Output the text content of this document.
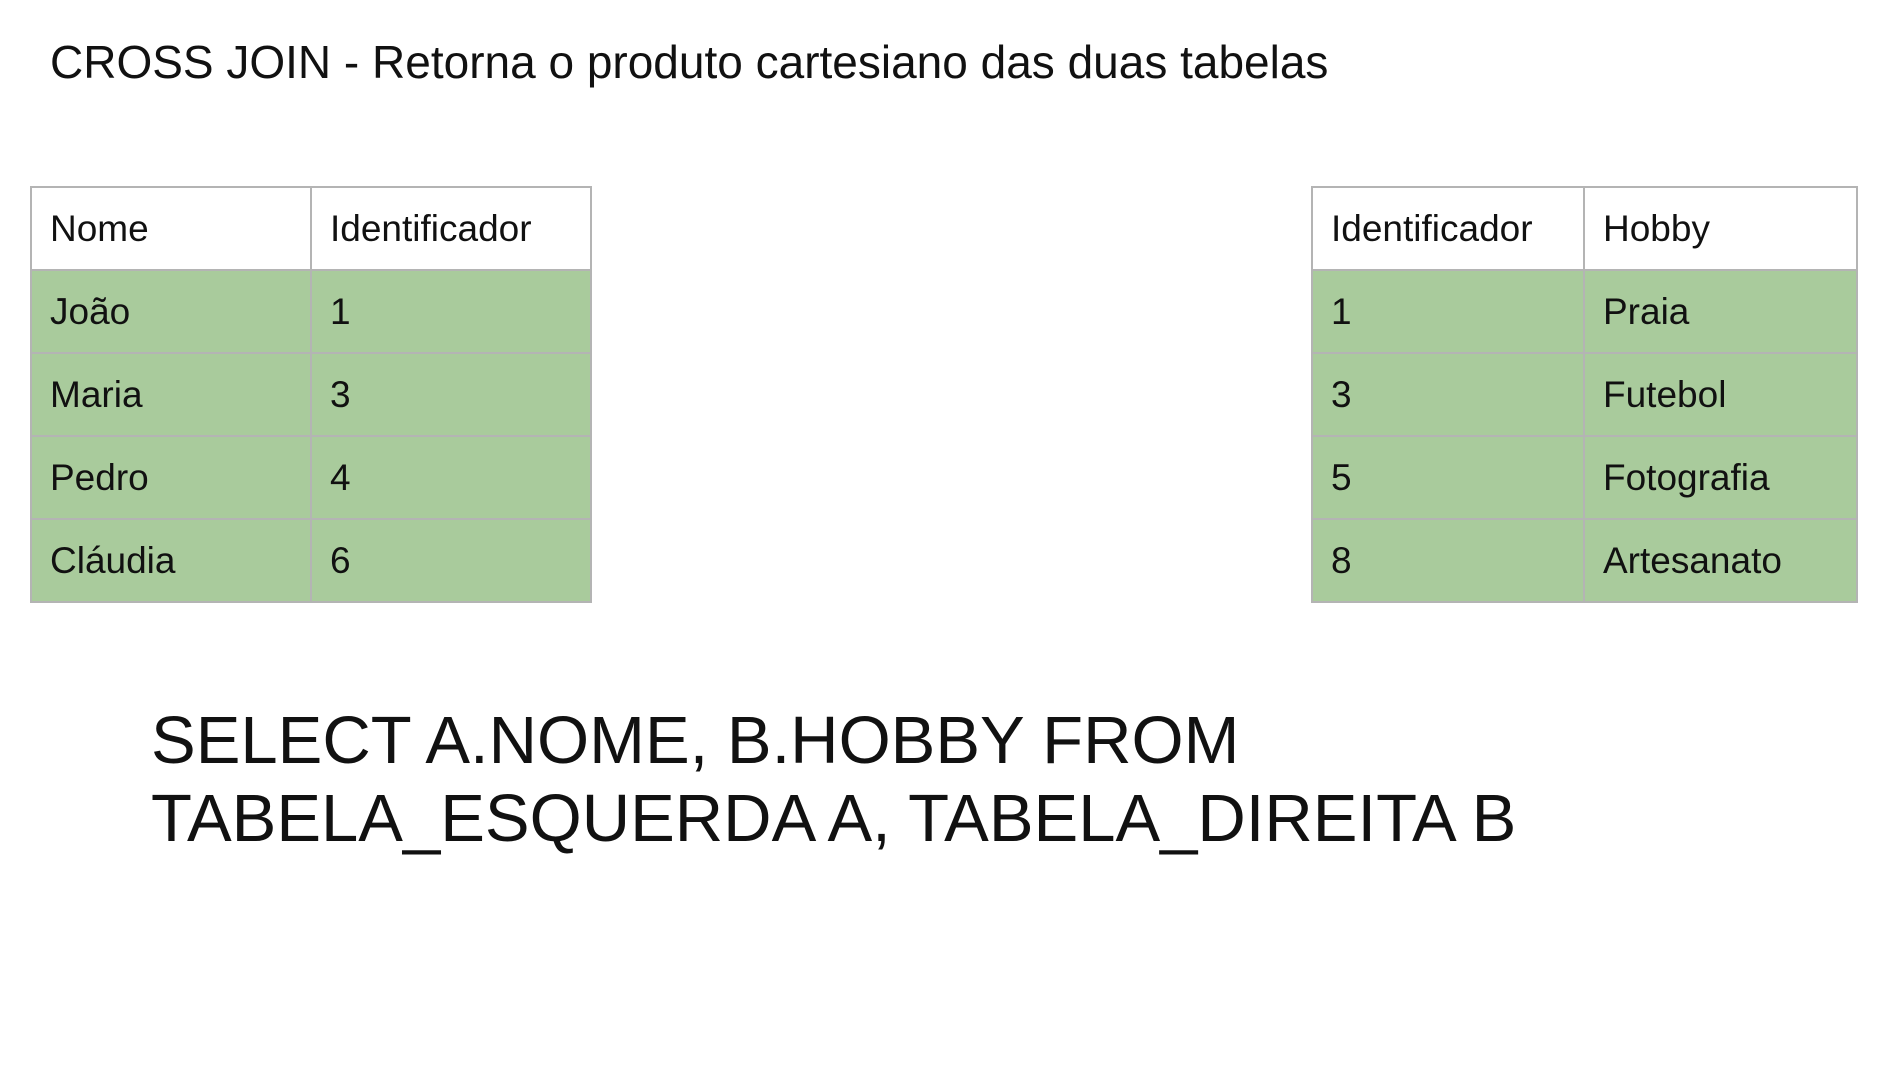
CROSS JOIN - Retorna o produto cartesiano das duas tabelas
Nome	Identificador
João	1
Maria	3
Pedro	4
Cláudia	6
Identificador	Hobby
1	Praia
3	Futebol
5	Fotografia
8	Artesanato
SELECT A.NOME, B.HOBBY FROM
TABELA_ESQUERDA A, TABELA_DIREITA B
